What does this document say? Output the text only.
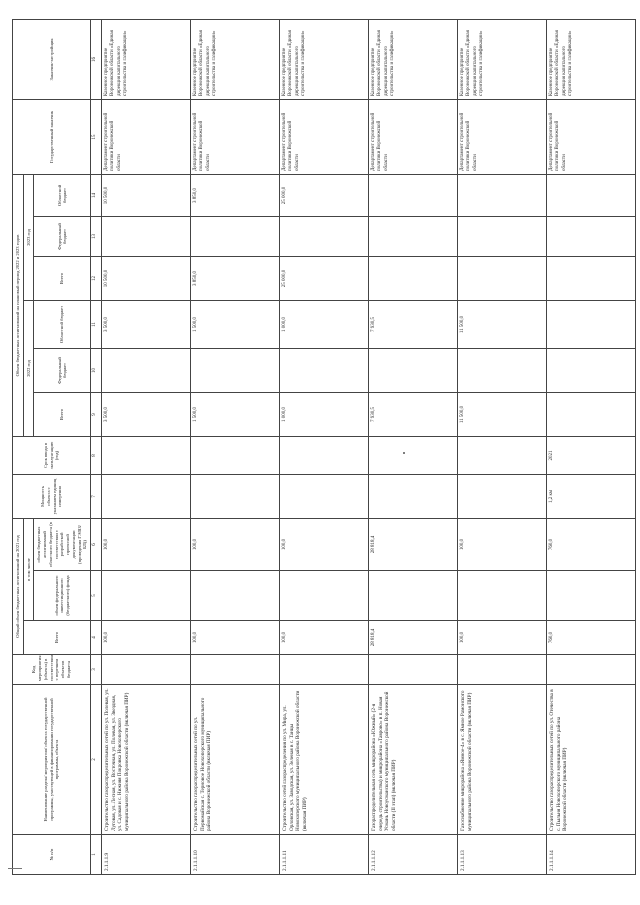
№ п/п	Наименование раздела/ мероприятия/ объекта государственной программы, участвующей в финансировании государственной программы, объекта	Код мероприятия (объекта) в соответствии с перечнем объектов бюджета	Общий объем бюджетных ассигнований на 2021 год			Мощность объекта с указанием единиц измерения	Срок ввода в эксплуатацию (год)	Объем бюджетных ассигнований на плановый период 2022 и 2023 годов						Государственный заказчик	Заказчик-застройщик
			Всего	в том числе				2022 год			2023 год				
				объем федерального инвестиционного (бюджетного) фонда	объем бюджетных ассигнований областного бюджета (в соответствии с разработкой проектной документации (проведения ГЭ/ВЗ/БЛ))			Всего	Федеральный бюджет	Областной бюджет	Всего	Федеральный бюджет	Областной бюджет		
1	2	3	4	5	6	7	8	9	10	11	12	13	14	15	16
2.1.1.1.9	Строительство газораспределительных сетей по ул. Полевая, ул. Луговая, ул. Лесная, ул. Восточная, ул. Полевая, ул. Звездная, ул. Садовая и с. Нижняя Покровка Новохоперского муниципального района Воронежской области (включая ПИР)		100,0		100,0			3 500,0		3 500,0	10 500,0		10 500,0	Департамент строительной политики Воронежской области	Казенное предприятие Воронежской области «Единая дирекция капитального строительства и газификации»
2.1.1.1.10	Строительство газораспределительных сетей по ул. Первомайская с. Терновое Новохоперского муниципального района Воронежской области (включая ПИР)		100,0		100,0			1 500,0		1 500,0	3 850,0		3 850,0	Департамент строительной политики Воронежской области	Казенное предприятие Воронежской области «Единая дирекция капитального строительства и газификации»
2.1.1.1.11	Строительство сетей газораспределения по ул. Мира, ул. Орловская, ул. Заводская, ул. Зеленая в с. Танцы Новохоперского муниципального района Воронежской области (включая ПИР)		100,0		100,0			1 000,0		1 000,0	25 000,0		25 000,0	Департамент строительной политики Воронежской области	Казенное предприятие Воронежской области «Единая дирекция капитального строительства и газификации»
2.1.1.1.12	Газораспределительная сеть микрорайона «Южный» (2-я очередь строительства) и микрорайона «Таврово» в п. Новая Усмань Новоусманского муниципального района Воронежской области (II этап) (включая ПИР)		28 818,4		28 818,4			7 930,5		7 930,5				Департамент строительной политики Воронежской области	Казенное предприятие Воронежской области «Единая дирекция капитального строительства и газификации»
2.1.1.1.13	Газоснабжение микрорайона «Ямное-4» в с. Ямное Рамонского муниципального района Воронежской области (включая ПИР)		100,0		100,0			11 500,0		11 500,0				Департамент строительной политики Воронежской области	Казенное предприятие Воронежской области «Единая дирекция капитального строительства и газификации»
2.1.1.1.14	Строительство газораспределительных сетей по ул. Отечества в с. Пыльня Новохоперского муниципального района Воронежской области (включая ПИР)		760,0		760,0	1,2 км	2021							Департамент строительной политики Воронежской области	Казенное предприятие Воронежской области «Единая дирекция капитального строительства и газификации»
